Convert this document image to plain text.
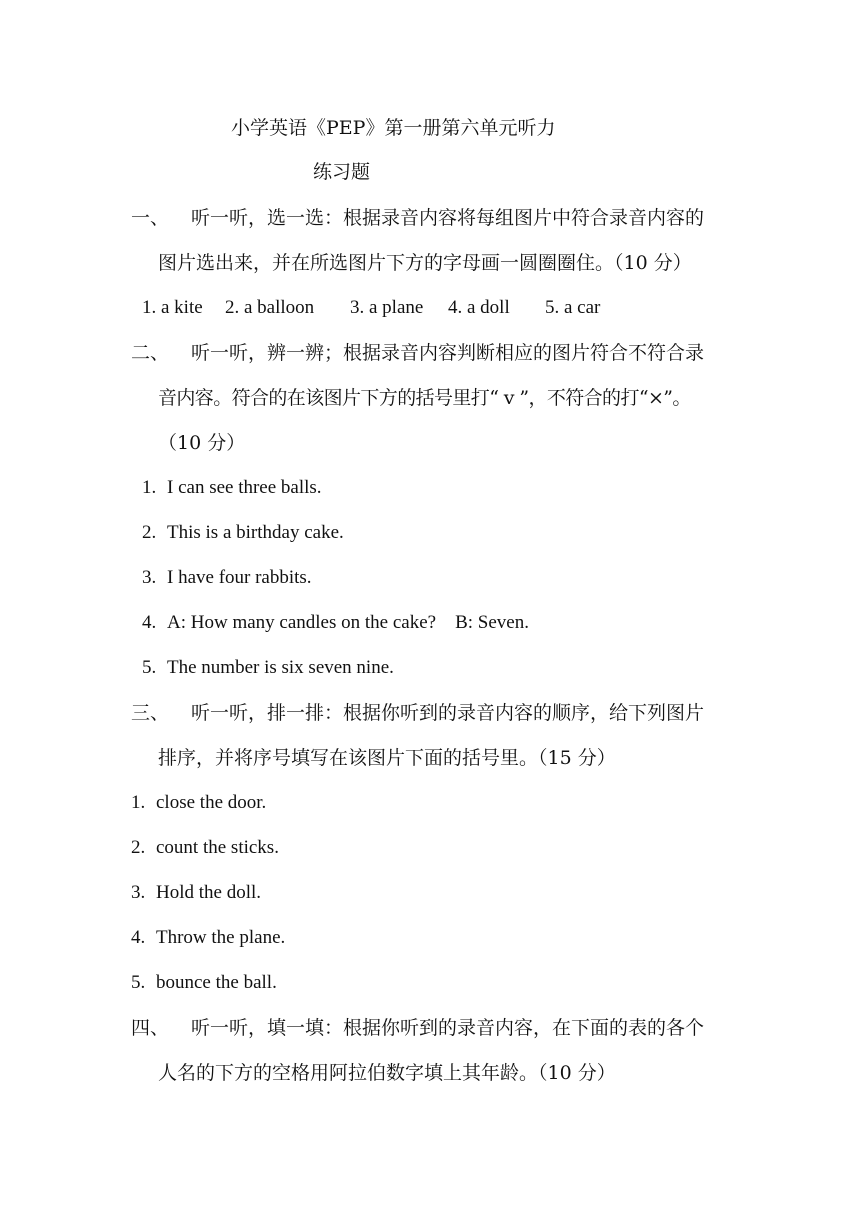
小学英语《PEP》第一册第六单元听力
练习题
一、 听一听，选一选：根据录音内容将每组图片中符合录音内容的
图片选出来，并在所选图片下方的字母画一圆圈圈住。（10 分）
1. a kite 2. a balloon 3. a plane 4. a doll 5. a car
二、 听一听，辨一辨；根据录音内容判断相应的图片符合不符合录
音内容。符合的在该图片下方的括号里打“ v ”，不符合的打“×”。
（10 分）
1. I can see three balls.
2. This is a birthday cake.
3. I have four rabbits.
4. A: How many candles on the cake?    B: Seven.
5. The number is six seven nine.
三、 听一听，排一排：根据你听到的录音内容的顺序，给下列图片
排序，并将序号填写在该图片下面的括号里。（15 分）
1. close the door.
2. count the sticks.
3. Hold the doll.
4. Throw the plane.
5. bounce the ball.
四、 听一听，填一填：根据你听到的录音内容，在下面的表的各个
人名的下方的空格用阿拉伯数字填上其年龄。（10 分）
